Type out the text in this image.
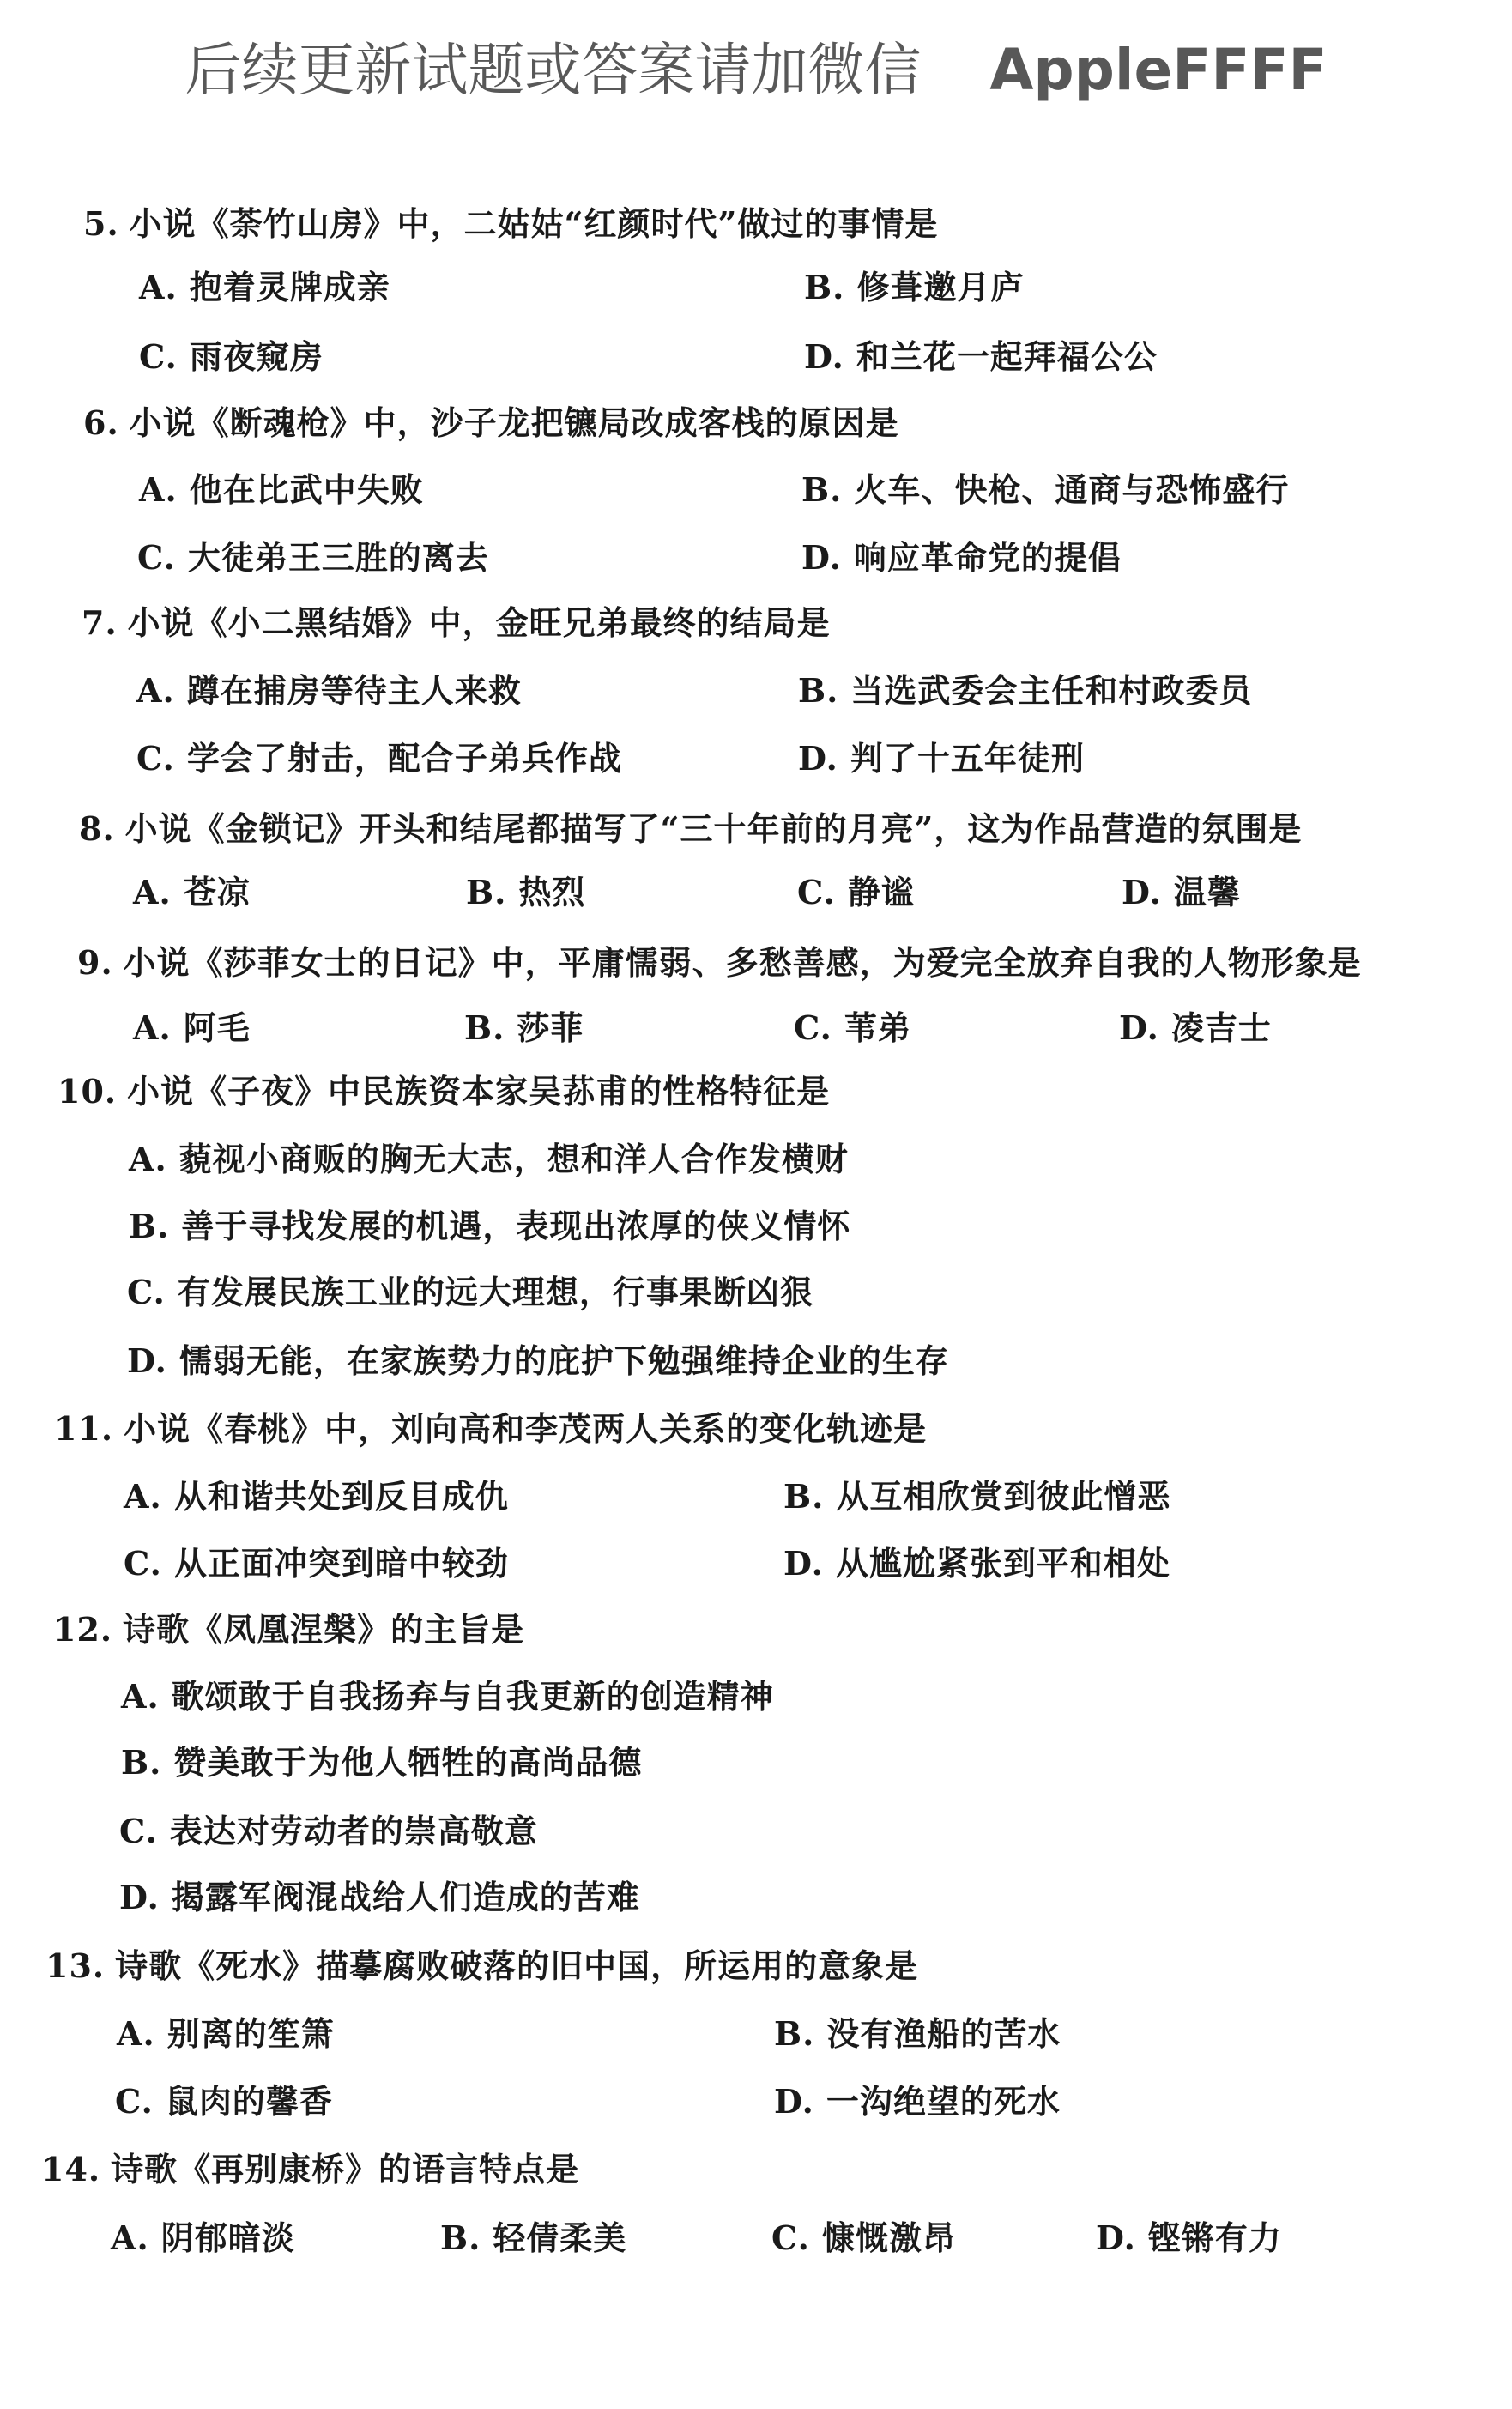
后续更新试题或答案请加微信 AppleFFFF
5. 小说《荼竹山房》中，二姑姑“红颜时代”做过的事情是
A. 抱着灵牌成亲	B. 修葺邀月庐
C. 雨夜窥房	D. 和兰花一起拜福公公
6. 小说《断魂枪》中，沙子龙把镳局改成客栈的原因是
A. 他在比武中失败	B. 火车、快枪、通商与恐怖盛行
C. 大徒弟王三胜的离去	D. 响应革命党的提倡
7. 小说《小二黑结婚》中，金旺兄弟最终的结局是
A. 蹲在捕房等待主人来救	B. 当选武委会主任和村政委员
C. 学会了射击，配合子弟兵作战	D. 判了十五年徒刑
8. 小说《金锁记》开头和结尾都描写了“三十年前的月亮”，这为作品营造的氛围是
A. 苍凉	B. 热烈	C. 静谧	D. 温馨
9. 小说《莎菲女士的日记》中，平庸懦弱、多愁善感，为爱完全放弃自我的人物形象是
A. 阿毛	B. 莎菲	C. 苇弟	D. 凌吉士
10. 小说《子夜》中民族资本家吴荪甫的性格特征是
A. 藐视小商贩的胸无大志，想和洋人合作发横财
B. 善于寻找发展的机遇，表现出浓厚的侠义情怀
C. 有发展民族工业的远大理想，行事果断凶狠
D. 懦弱无能，在家族势力的庇护下勉强维持企业的生存
11. 小说《春桃》中，刘向高和李茂两人关系的变化轨迹是
A. 从和谐共处到反目成仇	B. 从互相欣赏到彼此憎恶
C. 从正面冲突到暗中较劲	D. 从尴尬紧张到平和相处
12. 诗歌《凤凰涅槃》的主旨是
A. 歌颂敢于自我扬弃与自我更新的创造精神
B. 赞美敢于为他人牺牲的高尚品德
C. 表达对劳动者的崇高敬意
D. 揭露军阀混战给人们造成的苦难
13. 诗歌《死水》描摹腐败破落的旧中国，所运用的意象是
A. 别离的笙箫	B. 没有渔船的苦水
C. 鼠肉的馨香	D. 一沟绝望的死水
14. 诗歌《再别康桥》的语言特点是
A. 阴郁暗淡	B. 轻倩柔美	C. 慷慨激昂	D. 铿锵有力
